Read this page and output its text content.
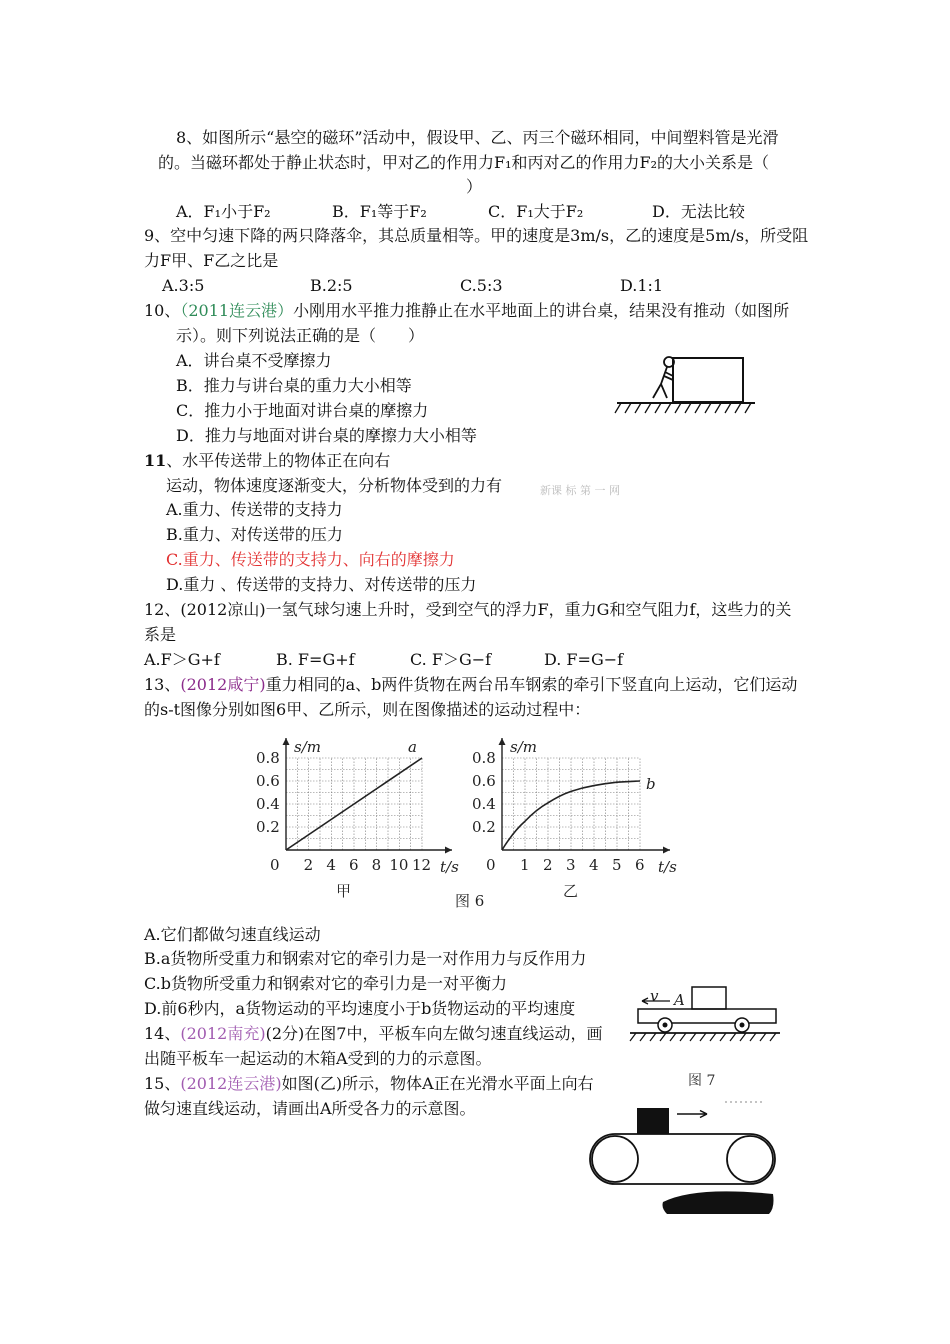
8、如图所示“悬空的磁环”活动中，假设甲、乙、丙三个磁环相同，中间塑料管是光滑
的。当磁环都处于静止状态时，甲对乙的作用力F₁和丙对乙的作用力F₂的大小关系是（
）
A．F₁小于F₂	B．F₁等于F₂	C．F₁大于F₂	D．无法比较
9、空中匀速下降的两只降落伞，其总质量相等。甲的速度是3m/s，乙的速度是5m/s，所受阻
力F甲、F乙之比是
A.3:5	B.2:5	C.5:3	D.1:1
10、（2011连云港）小刚用水平推力推静止在水平地面上的讲台桌，结果没有推动（如图所
示）。则下列说法正确的是（　　）
A．讲台桌不受摩擦力
B．推力与讲台桌的重力大小相等
C．推力小于地面对讲台桌的摩擦力
D．推力与地面对讲台桌的摩擦力大小相等
11、水平传送带上的物体正在向右
运动，物体速度逐渐变大，分析物体受到的力有	新课 标 第 一 网
A.重力、传送带的支持力
B.重力、对传送带的压力
C.重力、传送带的支持力、向右的摩擦力
D.重力 、传送带的支持力、对传送带的压力
12、(2012凉山)一氢气球匀速上升时，受到空气的浮力F，重力G和空气阻力f，这些力的关
系是
A.F＞G+f	B. F=G+f	C. F＞G−f	D. F=G−f
13、(2012咸宁)重力相同的a、b两件货物在两台吊车钢索的牵引下竖直向上运动，它们运动
的s-t图像分别如图6甲、乙所示，则在图像描述的运动过程中：
s/m
t/s
0 2 4 6 8 10 12
0.2
0.4
0.6
0.8
a
甲
s/m
t/s
0 1 2 3 4 5 6
0.2
0.4
0.6
0.8
b
乙
图 6
A.它们都做匀速直线运动
B.a货物所受重力和钢索对它的牵引力是一对作用力与反作用力
C.b货物所受重力和钢索对它的牵引力是一对平衡力
D.前6秒内，a货物运动的平均速度小于b货物运动的平均速度
v A
图 7
14、(2012南充)(2分)在图7中，平板车向左做匀速直线运动，画
出随平板车一起运动的木箱A受到的力的示意图。
15、(2012连云港)如图(乙)所示，物体A正在光滑水平面上向右
做匀速直线运动，请画出A所受各力的示意图。
